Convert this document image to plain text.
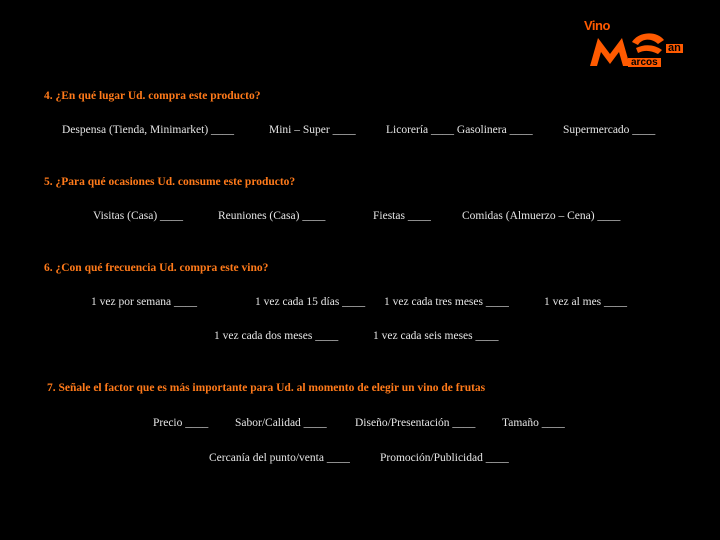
Vino
an
arcos
4. ¿En qué lugar Ud. compra este producto?
Despensa (Tienda, Minimarket) ____	Mini – Super ____	Licorería ____ Gasolinera ____	Supermercado ____
5. ¿Para qué ocasiones Ud. consume este producto?
Visitas (Casa) ____	Reuniones (Casa) ____	Fiestas ____	Comidas (Almuerzo – Cena) ____
6. ¿Con qué frecuencia Ud. compra este vino?
1 vez por semana ____	1 vez cada 15 días ____ 1 vez cada tres meses ____	1 vez al mes ____
1 vez cada dos meses ____	1 vez cada seis meses ____
7. Señale el factor que es más importante para Ud. al momento de elegir un vino de frutas
Precio ____ Sabor/Calidad ____ Diseño/Presentación ____ Tamaño ____
Cercanía del punto/venta ____	Promoción/Publicidad ____
